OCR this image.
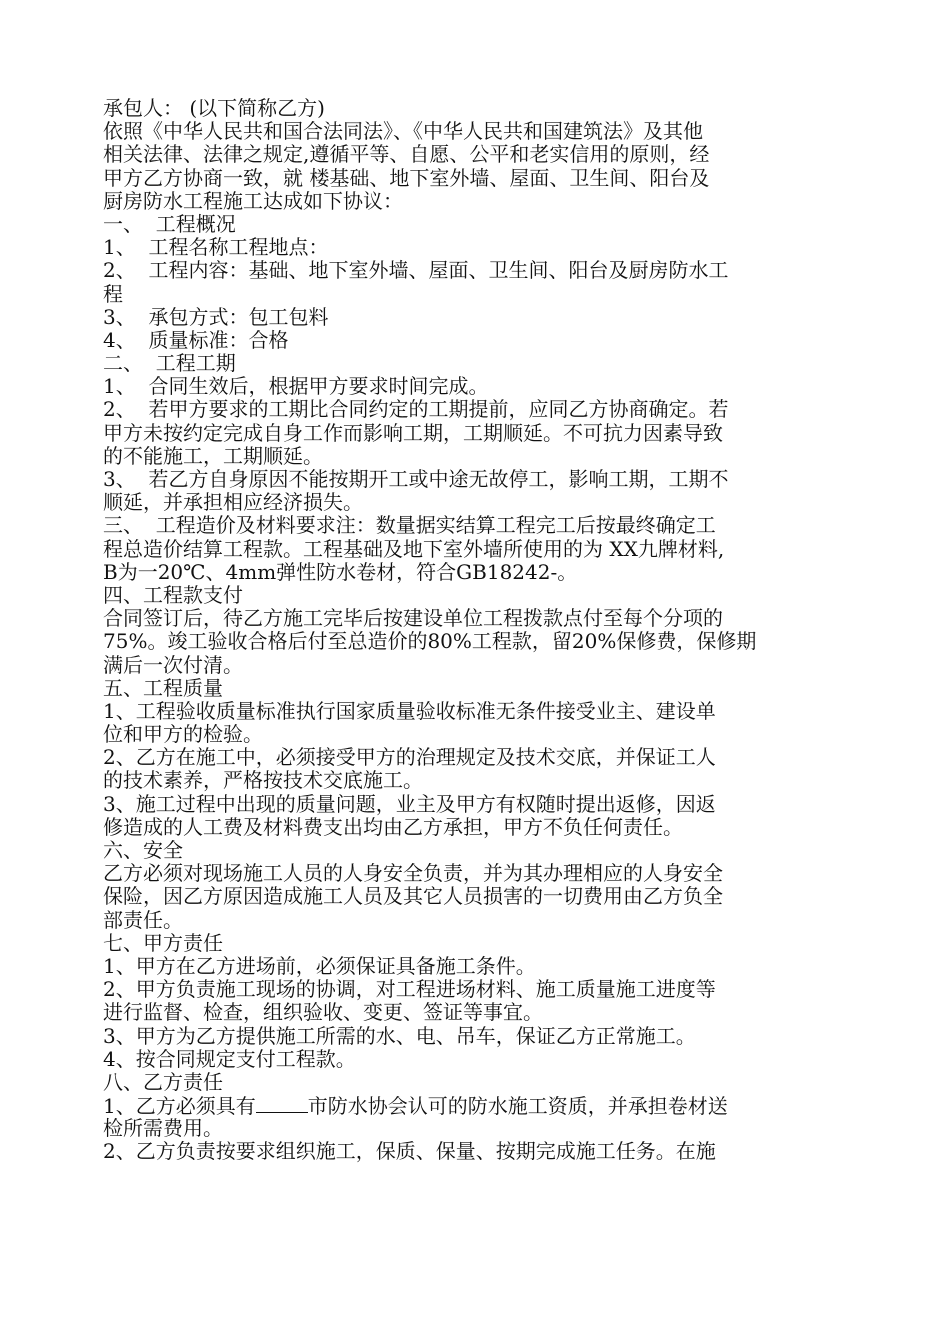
承包人： (以下简称乙方)
依照《中华人民共和国合法同法》、《中华人民共和国建筑法》及其他
相关法律、法律之规定,遵循平等、自愿、公平和老实信用的原则，经
甲方乙方协商一致，就 楼基础、地下室外墙、屋面、卫生间、阳台及
厨房防水工程施工达成如下协议：
一、  工程概况
1、  工程名称工程地点：
2、  工程内容：基础、地下室外墙、屋面、卫生间、阳台及厨房防水工
程
3、  承包方式：包工包料
4、  质量标准：合格
二、  工程工期
1、  合同生效后，根据甲方要求时间完成。
2、  若甲方要求的工期比合同约定的工期提前，应同乙方协商确定。若
甲方未按约定完成自身工作而影响工期，工期顺延。不可抗力因素导致
的不能施工，工期顺延。
3、  若乙方自身原因不能按期开工或中途无故停工，影响工期，工期不
顺延，并承担相应经济损失。
三、  工程造价及材料要求注：数量据实结算工程完工后按最终确定工
程总造价结算工程款。工程基础及地下室外墙所使用的为 XX九牌材料,
B为一20℃、4mm弹性防水卷材，符合GB18242-。
四、工程款支付
合同签订后，待乙方施工完毕后按建设单位工程拨款点付至每个分项的
75%。竣工验收合格后付至总造价的80%工程款，留20%保修费，保修期
满后一次付清。
五、工程质量
1、工程验收质量标准执行国家质量验收标准无条件接受业主、建设单
位和甲方的检验。
2、乙方在施工中，必须接受甲方的治理规定及技术交底，并保证工人
的技术素养，严格按技术交底施工。
3、施工过程中出现的质量问题，业主及甲方有权随时提出返修，因返
修造成的人工费及材料费支出均由乙方承担，甲方不负任何责任。
六、安全
乙方必须对现场施工人员的人身安全负责，并为其办理相应的人身安全
保险，因乙方原因造成施工人员及其它人员损害的一切费用由乙方负全
部责任。
七、甲方责任
1、甲方在乙方进场前，必须保证具备施工条件。
2、甲方负责施工现场的协调，对工程进场材料、施工质量施工进度等
进行监督、检查，组织验收、变更、签证等事宜。
3、甲方为乙方提供施工所需的水、电、吊车，保证乙方正常施工。
4、按合同规定支付工程款。
八、乙方责任
1、乙方必须具有	市防水协会认可的防水施工资质，并承担卷材送
检所需费用。
2、乙方负责按要求组织施工，保质、保量、按期完成施工任务。在施
